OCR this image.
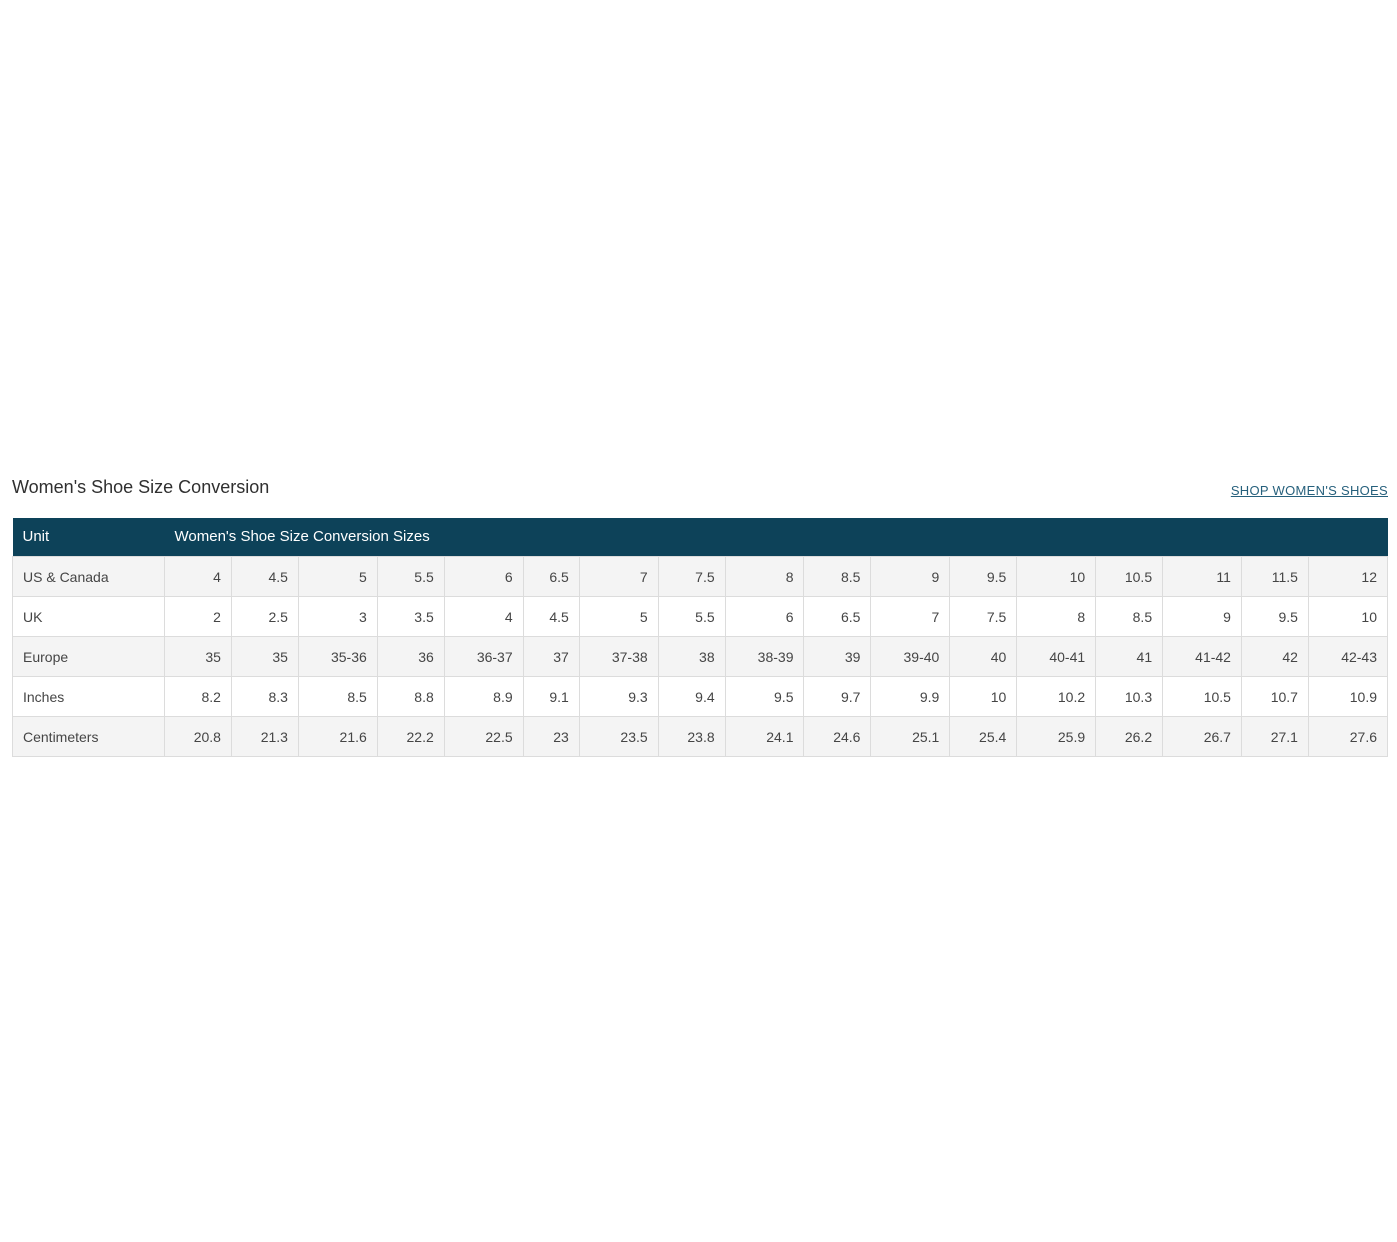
Women's Shoe Size Conversion	SHOP WOMEN'S SHOES
Unit	Women's Shoe Size Conversion Sizes																
US & Canada	4	4.5	5	5.5	6	6.5	7	7.5	8	8.5	9	9.5	10	10.5	11	11.5	12
UK	2	2.5	3	3.5	4	4.5	5	5.5	6	6.5	7	7.5	8	8.5	9	9.5	10
Europe	35	35	35-36	36	36-37	37	37-38	38	38-39	39	39-40	40	40-41	41	41-42	42	42-43
Inches	8.2	8.3	8.5	8.8	8.9	9.1	9.3	9.4	9.5	9.7	9.9	10	10.2	10.3	10.5	10.7	10.9
Centimeters	20.8	21.3	21.6	22.2	22.5	23	23.5	23.8	24.1	24.6	25.1	25.4	25.9	26.2	26.7	27.1	27.6
